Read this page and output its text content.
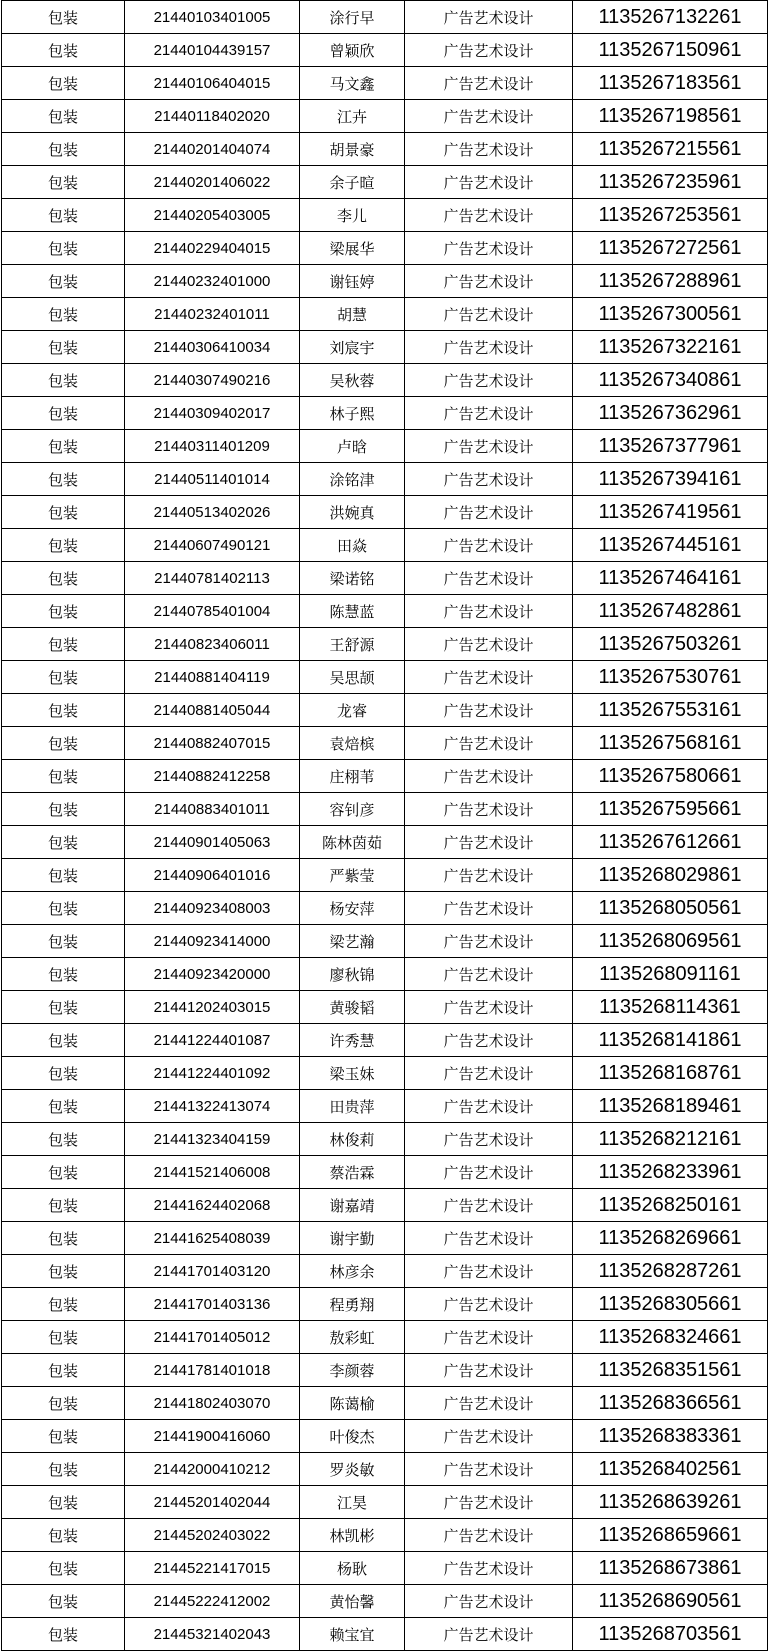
包装	21440103401005	涂行早	广告艺术设计	1135267132261
包装	21440104439157	曾颖欣	广告艺术设计	1135267150961
包装	21440106404015	马文鑫	广告艺术设计	1135267183561
包装	21440118402020	江卉	广告艺术设计	1135267198561
包装	21440201404074	胡景豪	广告艺术设计	1135267215561
包装	21440201406022	余子暄	广告艺术设计	1135267235961
包装	21440205403005	李儿	广告艺术设计	1135267253561
包装	21440229404015	梁展华	广告艺术设计	1135267272561
包装	21440232401000	谢钰婷	广告艺术设计	1135267288961
包装	21440232401011	胡慧	广告艺术设计	1135267300561
包装	21440306410034	刘宸宇	广告艺术设计	1135267322161
包装	21440307490216	吴秋蓉	广告艺术设计	1135267340861
包装	21440309402017	林子熙	广告艺术设计	1135267362961
包装	21440311401209	卢晗	广告艺术设计	1135267377961
包装	21440511401014	涂铭津	广告艺术设计	1135267394161
包装	21440513402026	洪婉真	广告艺术设计	1135267419561
包装	21440607490121	田焱	广告艺术设计	1135267445161
包装	21440781402113	梁诺铭	广告艺术设计	1135267464161
包装	21440785401004	陈慧蓝	广告艺术设计	1135267482861
包装	21440823406011	王舒源	广告艺术设计	1135267503261
包装	21440881404119	吴思颉	广告艺术设计	1135267530761
包装	21440881405044	龙睿	广告艺术设计	1135267553161
包装	21440882407015	袁焙槟	广告艺术设计	1135267568161
包装	21440882412258	庄栩苇	广告艺术设计	1135267580661
包装	21440883401011	容钊彦	广告艺术设计	1135267595661
包装	21440901405063	陈林茵茹	广告艺术设计	1135267612661
包装	21440906401016	严紫莹	广告艺术设计	1135268029861
包装	21440923408003	杨安萍	广告艺术设计	1135268050561
包装	21440923414000	梁艺瀚	广告艺术设计	1135268069561
包装	21440923420000	廖秋锦	广告艺术设计	1135268091161
包装	21441202403015	黄骏韬	广告艺术设计	1135268114361
包装	21441224401087	许秀慧	广告艺术设计	1135268141861
包装	21441224401092	梁玉妹	广告艺术设计	1135268168761
包装	21441322413074	田贵萍	广告艺术设计	1135268189461
包装	21441323404159	林俊莉	广告艺术设计	1135268212161
包装	21441521406008	蔡浩霖	广告艺术设计	1135268233961
包装	21441624402068	谢嘉靖	广告艺术设计	1135268250161
包装	21441625408039	谢宇勤	广告艺术设计	1135268269661
包装	21441701403120	林彦余	广告艺术设计	1135268287261
包装	21441701403136	程勇翔	广告艺术设计	1135268305661
包装	21441701405012	敖彩虹	广告艺术设计	1135268324661
包装	21441781401018	李颜蓉	广告艺术设计	1135268351561
包装	21441802403070	陈蔼榆	广告艺术设计	1135268366561
包装	21441900416060	叶俊杰	广告艺术设计	1135268383361
包装	21442000410212	罗炎敏	广告艺术设计	1135268402561
包装	21445201402044	江昊	广告艺术设计	1135268639261
包装	21445202403022	林凯彬	广告艺术设计	1135268659661
包装	21445221417015	杨耿	广告艺术设计	1135268673861
包装	21445222412002	黄怡馨	广告艺术设计	1135268690561
包装	21445321402043	赖宝宜	广告艺术设计	1135268703561
